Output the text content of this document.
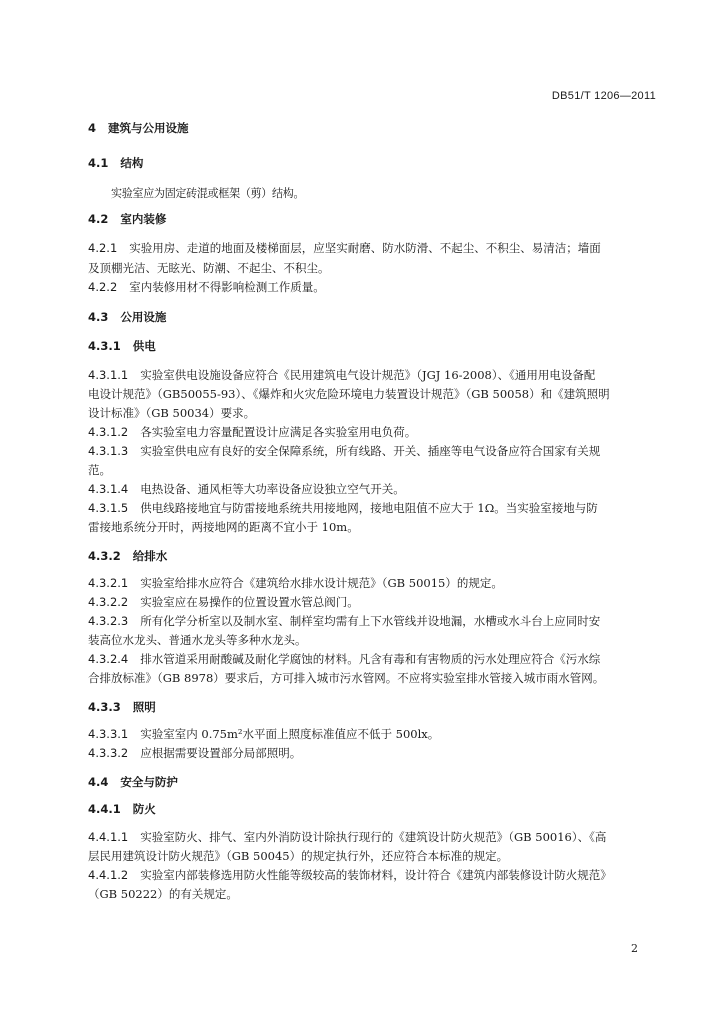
DB51/T 1206—2011
4 建筑与公用设施
4.1 结构
实验室应为固定砖混或框架（剪）结构。
4.2 室内装修
4.2.1 实验用房、走道的地面及楼梯面层，应坚实耐磨、防水防滑、不起尘、不积尘、易清洁；墙面
及顶棚光洁、无眩光、防潮、不起尘、不积尘。
4.2.2 室内装修用材不得影响检测工作质量。
4.3 公用设施
4.3.1 供电
4.3.1.1 实验室供电设施设备应符合《民用建筑电气设计规范》（JGJ 16-2008）、《通用用电设备配
电设计规范》（GB50055-93）、《爆炸和火灾危险环境电力装置设计规范》（GB 50058）和《建筑照明
设计标准》（GB 50034）要求。
4.3.1.2 各实验室电力容量配置设计应满足各实验室用电负荷。
4.3.1.3 实验室供电应有良好的安全保障系统，所有线路、开关、插座等电气设备应符合国家有关规
范。
4.3.1.4 电热设备、通风柜等大功率设备应设独立空气开关。
4.3.1.5 供电线路接地宜与防雷接地系统共用接地网，接地电阻值不应大于 1Ω。当实验室接地与防
雷接地系统分开时，两接地网的距离不宜小于 10m。
4.3.2 给排水
4.3.2.1 实验室给排水应符合《建筑给水排水设计规范》（GB 50015）的规定。
4.3.2.2 实验室应在易操作的位置设置水管总阀门。
4.3.2.3 所有化学分析室以及制水室、制样室均需有上下水管线并设地漏，水槽或水斗台上应同时安
装高位水龙头、普通水龙头等多种水龙头。
4.3.2.4 排水管道采用耐酸碱及耐化学腐蚀的材料。凡含有毒和有害物质的污水处理应符合《污水综
合排放标准》（GB 8978）要求后，方可排入城市污水管网。不应将实验室排水管接入城市雨水管网。
4.3.3 照明
4.3.3.1 实验室室内 0.75m²水平面上照度标准值应不低于 500lx。
4.3.3.2 应根据需要设置部分局部照明。
4.4 安全与防护
4.4.1 防火
4.4.1.1 实验室防火、排气、室内外消防设计除执行现行的《建筑设计防火规范》（GB 50016）、《高
层民用建筑设计防火规范》（GB 50045）的规定执行外，还应符合本标准的规定。
4.4.1.2 实验室内部装修选用防火性能等级较高的装饰材料，设计符合《建筑内部装修设计防火规范》
（GB 50222）的有关规定。
2
